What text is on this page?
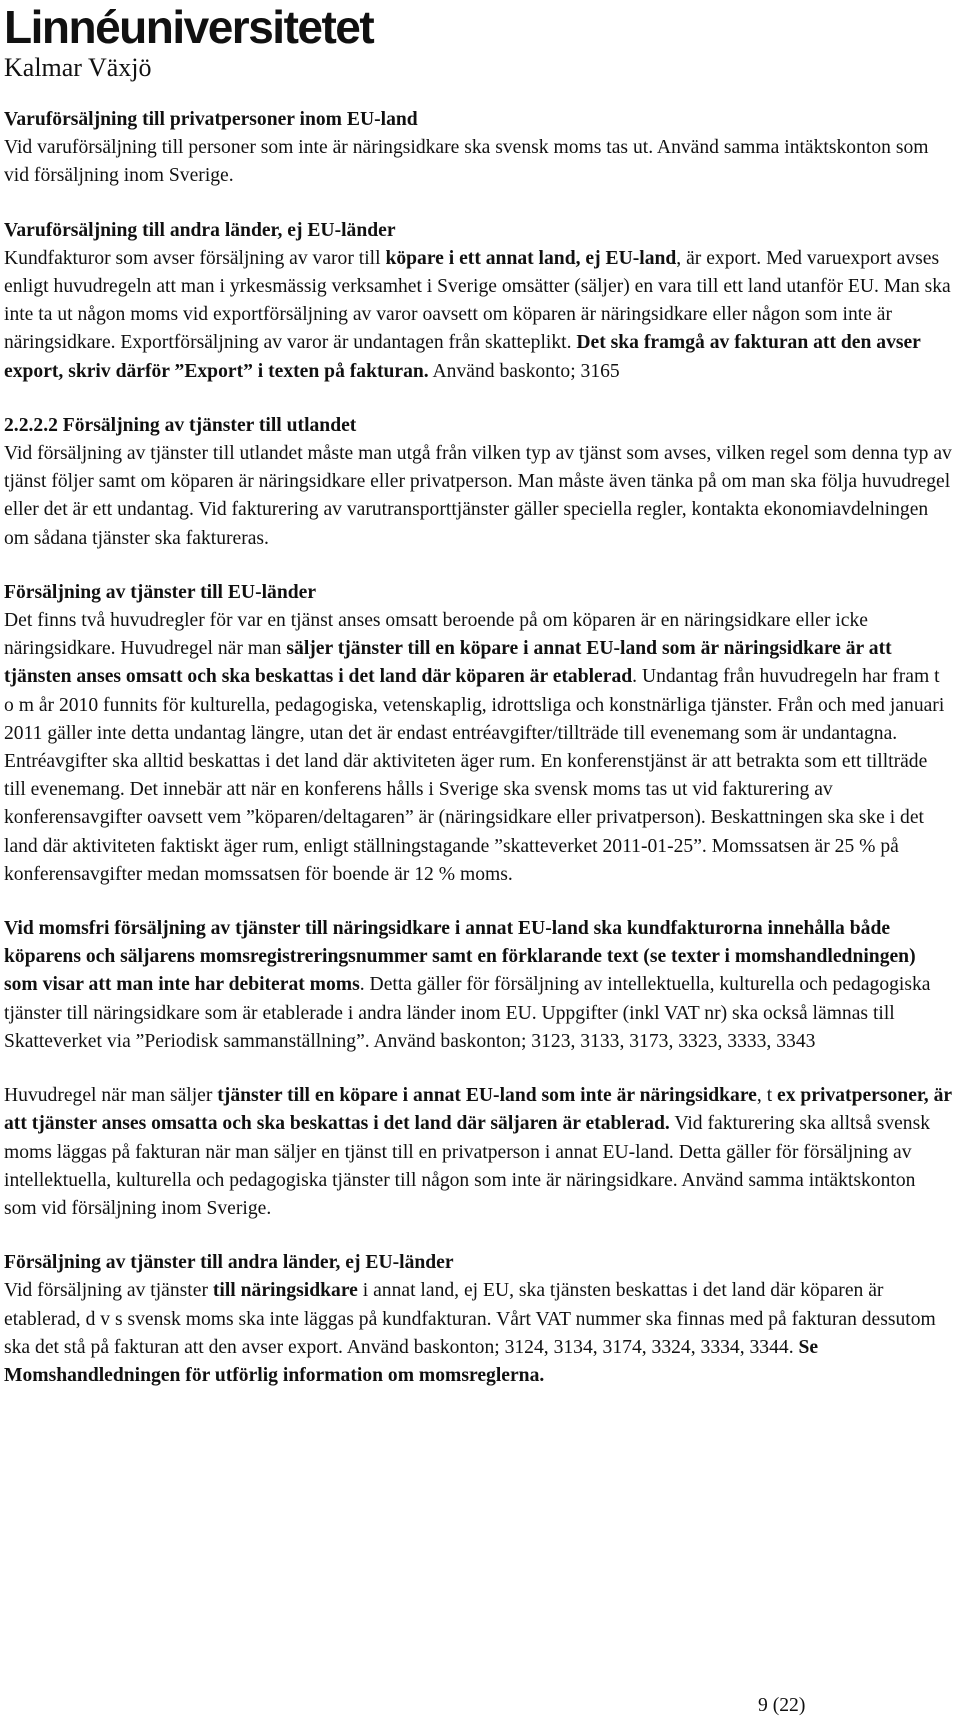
Linnéuniversitetet
Kalmar Växjö
Varuförsäljning till privatpersoner inom EU-land

Vid varuförsäljning till personer som inte är näringsidkare ska svensk moms tas ut. Använd samma intäktskonton som vid försäljning inom Sverige.

Varuförsäljning till andra länder, ej EU-länder

Kundfakturor som avser försäljning av varor till köpare i ett annat land, ej EU-land, är export. Med varuexport avses enligt huvudregeln att man i yrkesmässig verksamhet i Sverige omsätter (säljer) en vara till ett land utanför EU. Man ska inte ta ut någon moms vid exportförsäljning av varor oavsett om köparen är näringsidkare eller någon som inte är näringsidkare. Exportförsäljning av varor är undantagen från skatteplikt. Det ska framgå av fakturan att den avser export, skriv därför ”Export” i texten på fakturan. Använd baskonto; 3165

2.2.2.2 Försäljning av tjänster till utlandet

Vid försäljning av tjänster till utlandet måste man utgå från vilken typ av tjänst som avses, vilken regel som denna typ av tjänst följer samt om köparen är näringsidkare eller privatperson. Man måste även tänka på om man ska följa huvudregel eller det är ett undantag. Vid fakturering av varutransporttjänster gäller speciella regler, kontakta ekonomiavdelningen om sådana tjänster ska faktureras.

Försäljning av tjänster till EU-länder

Det finns två huvudregler för var en tjänst anses omsatt beroende på om köparen är en näringsidkare eller icke näringsidkare. Huvudregel när man säljer tjänster till en köpare i annat EU-land som är näringsidkare är att tjänsten anses omsatt och ska beskattas i det land där köparen är etablerad. Undantag från huvudregeln har fram t o m år 2010 funnits för kulturella, pedagogiska, vetenskaplig, idrottsliga och konstnärliga tjänster. Från och med januari 2011 gäller inte detta undantag längre, utan det är endast entréavgifter/tillträde till evenemang som är undantagna. Entréavgifter ska alltid beskattas i det land där aktiviteten äger rum. En konferenstjänst är att betrakta som ett tillträde till evenemang. Det innebär att när en konferens hålls i Sverige ska svensk moms tas ut vid fakturering av konferensavgifter oavsett vem ”köparen/deltagaren” är (näringsidkare eller privatperson). Beskattningen ska ske i det land där aktiviteten faktiskt äger rum, enligt ställningstagande ”skatteverket 2011-01-25”. Momssatsen är 25 % på konferensavgifter medan momssatsen för boende är 12 % moms.

Vid momsfri försäljning av tjänster till näringsidkare i annat EU-land ska kundfakturorna innehålla både köparens och säljarens momsregistreringsnummer samt en förklarande text (se texter i momshandledningen) som visar att man inte har debiterat moms. Detta gäller för försäljning av intellektuella, kulturella och pedagogiska tjänster till näringsidkare som är etablerade i andra länder inom EU. Uppgifter (inkl VAT nr) ska också lämnas till Skatteverket via ”Periodisk sammanställning”. Använd baskonton; 3123, 3133, 3173, 3323, 3333, 3343

Huvudregel när man säljer tjänster till en köpare i annat EU-land som inte är näringsidkare, t ex privatpersoner, är att tjänster anses omsatta och ska beskattas i det land där säljaren är etablerad. Vid fakturering ska alltså svensk moms läggas på fakturan när man säljer en tjänst till en privatperson i annat EU-land. Detta gäller för försäljning av intellektuella, kulturella och pedagogiska tjänster till någon som inte är näringsidkare. Använd samma intäktskonton som vid försäljning inom Sverige.

Försäljning av tjänster till andra länder, ej EU-länder

Vid försäljning av tjänster till näringsidkare i annat land, ej EU, ska tjänsten beskattas i det land där köparen är etablerad, d v s svensk moms ska inte läggas på kundfakturan. Vårt VAT nummer ska finnas med på fakturan dessutom ska det stå på fakturan att den avser export. Använd baskonton; 3124, 3134, 3174, 3324, 3334, 3344. Se Momshandledningen för utförlig information om momsreglerna.

9 (22)
